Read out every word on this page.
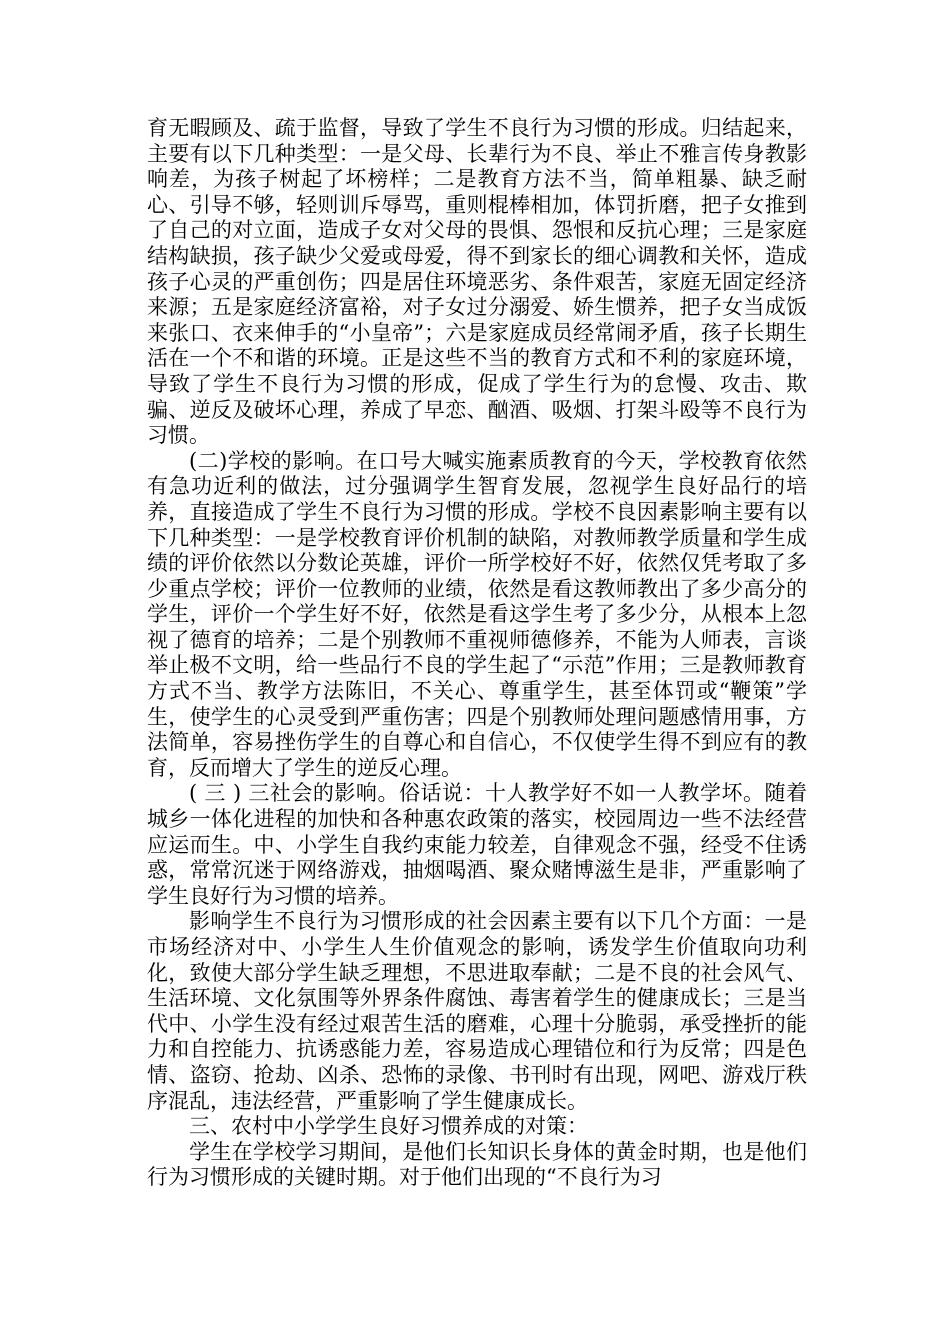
育无暇顾及、疏于监督，导致了学生不良行为习惯的形成。归结起来，主要有以下几种类型：一是父母、长辈行为不良、举止不雅言传身教影响差，为孩子树起了坏榜样；二是教育方法不当，简单粗暴、缺乏耐心、引导不够，轻则训斥辱骂，重则棍棒相加，体罚折磨，把子女推到了自己的对立面，造成子女对父母的畏惧、怨恨和反抗心理；三是家庭结构缺损，孩子缺少父爱或母爱，得不到家长的细心调教和关怀，造成孩子心灵的严重创伤；四是居住环境恶劣、条件艰苦，家庭无固定经济来源；五是家庭经济富裕，对子女过分溺爱、娇生惯养，把子女当成饭来张口、衣来伸手的“小皇帝”；六是家庭成员经常闹矛盾，孩子长期生活在一个不和谐的环境。正是这些不当的教育方式和不利的家庭环境，导致了学生不良行为习惯的形成，促成了学生行为的怠慢、攻击、欺骗、逆反及破坏心理，养成了早恋、酗酒、吸烟、打架斗殴等不良行为习惯。

(二)学校的影响。在口号大喊实施素质教育的今天，学校教育依然有急功近利的做法，过分强调学生智育发展，忽视学生良好品行的培养，直接造成了学生不良行为习惯的形成。学校不良因素影响主要有以下几种类型：一是学校教育评价机制的缺陷，对教师教学质量和学生成绩的评价依然以分数论英雄，评价一所学校好不好，依然仅凭考取了多少重点学校；评价一位教师的业绩，依然是看这教师教出了多少高分的学生，评价一个学生好不好，依然是看这学生考了多少分，从根本上忽视了德育的培养；二是个别教师不重视师德修养，不能为人师表，言谈举止极不文明，给一些品行不良的学生起了“示范”作用；三是教师教育方式不当、教学方法陈旧，不关心、尊重学生，甚至体罚或“鞭策”学生，使学生的心灵受到严重伤害；四是个别教师处理问题感情用事，方法简单，容易挫伤学生的自尊心和自信心，不仅使学生得不到应有的教育，反而增大了学生的逆反心理。

( 三 ) 三社会的影响。俗话说：十人教学好不如一人教学坏。随着城乡一体化进程的加快和各种惠农政策的落实，校园周边一些不法经营应运而生。中、小学生自我约束能力较差，自律观念不强，经受不住诱惑，常常沉迷于网络游戏，抽烟喝酒、聚众赌博滋生是非，严重影响了学生良好行为习惯的培养。

影响学生不良行为习惯形成的社会因素主要有以下几个方面：一是市场经济对中、小学生人生价值观念的影响，诱发学生价值取向功利化，致使大部分学生缺乏理想，不思进取奉献；二是不良的社会风气、生活环境、文化氛围等外界条件腐蚀、毒害着学生的健康成长；三是当代中、小学生没有经过艰苦生活的磨难，心理十分脆弱，承受挫折的能力和自控能力、抗诱惑能力差，容易造成心理错位和行为反常；四是色情、盗窃、抢劫、凶杀、恐怖的录像、书刊时有出现，网吧、游戏厅秩序混乱，违法经营，严重影响了学生健康成长。

三、农村中小学学生良好习惯养成的对策：

学生在学校学习期间，是他们长知识长身体的黄金时期，也是他们行为习惯形成的关键时期。对于他们出现的“不良行为习
